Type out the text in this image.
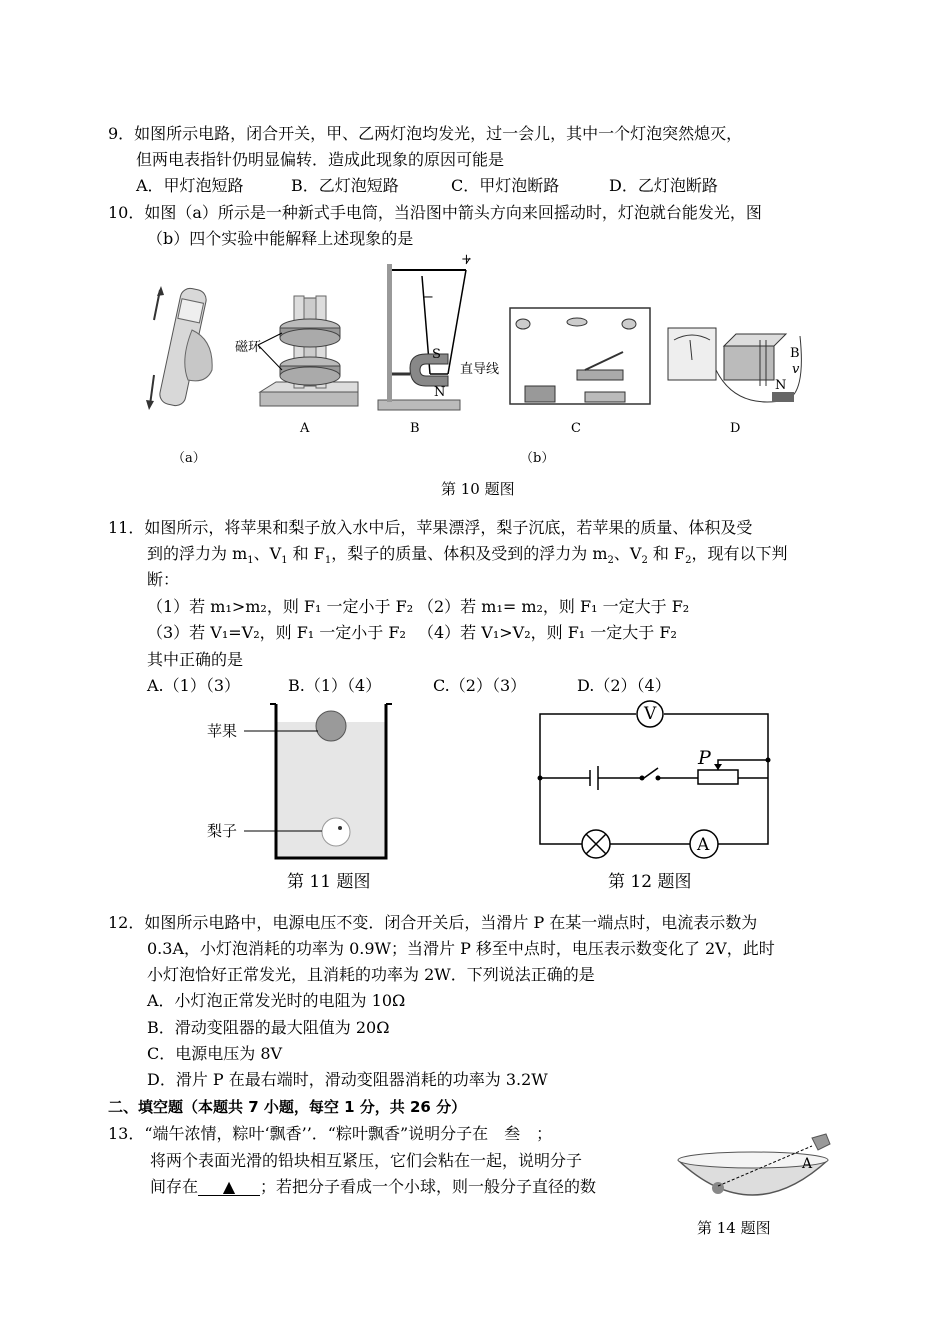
9．如图所示电路，闭合开关，甲、乙两灯泡均发光，过一会儿，其中一个灯泡突然熄灭，
但两电表指针仍明显偏转．造成此现象的原因可能是
A．甲灯泡短路	B．乙灯泡短路	C．甲灯泡断路	D．乙灯泡断路
10．如图（a）所示是一种新式手电筒，当沿图中箭头方向来回摇动时，灯泡就台能发光，图
（b）四个实验中能解释上述现象的是
磁环
+
−
S
N
直导线
B
v
N
（a）
A	B
（b）
C	D
第 10 题图
11．如图所示，将苹果和梨子放入水中后，苹果漂浮，梨子沉底，若苹果的质量、体积及受
到的浮力为 $m_1$、$V_1$ 和 $F_1$，梨子的质量、体积及受到的浮力为 $m_2$、$V_2$ 和 $F_2$，现有以下判
断：
（1）若 m₁>m₂，则 F₁ 一定小于 F₂ （2）若 m₁= m₂，则 F₁ 一定大于 F₂
（3）若 V₁=V₂，则 F₁ 一定小于 F₂ （4）若 V₁>V₂，则 F₁ 一定大于 F₂
其中正确的是
A.（1）（3）	B.（1）（4）	C.（2）（3）	D.（2）（4）
苹果
梨子
第 11 题图
V
A
P
第 12 题图
12．如图所示电路中，电源电压不变．闭合开关后，当滑片 P 在某一端点时，电流表示数为
0.3A，小灯泡消耗的功率为 0.9W；当滑片 P 移至中点时，电压表示数变化了 2V，此时
小灯泡恰好正常发光，且消耗的功率为 2W．下列说法正确的是
A．小灯泡正常发光时的电阻为 10Ω
B．滑动变阻器的最大阻值为 20Ω
C．电源电压为 8V
D．滑片 P 在最右端时，滑动变阻器消耗的功率为 3.2W
二、填空题（本题共 7 小题，每空 1 分，共 26 分）
13．“端午浓情，粽叶‘飘香’’．“粽叶飘香”说明分子在　叁　；
将两个表面光滑的铅块相互紧压，它们会粘在一起，说明分子
间存在 ▲ ；若把分子看成一个小球，则一般分子直径的数
A
第 14 题图
